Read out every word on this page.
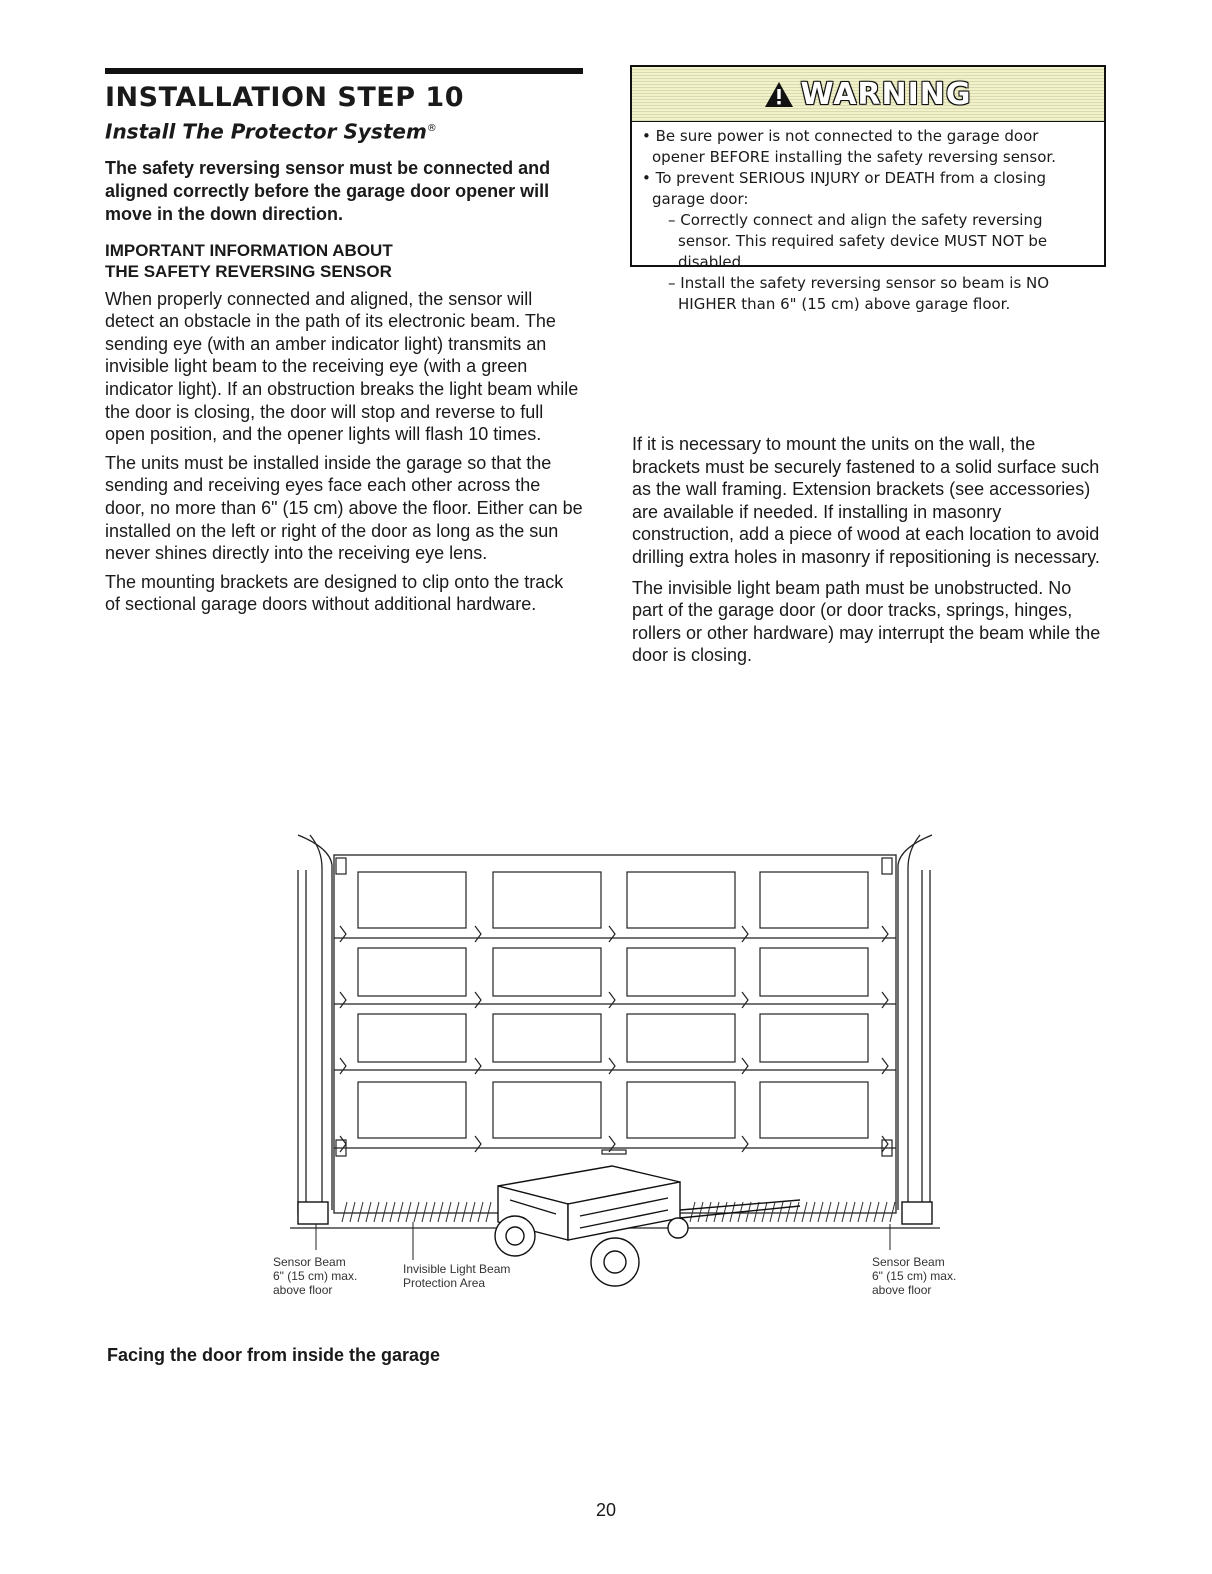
INSTALLATION STEP 10
Install The Protector System®
The safety reversing sensor must be connected and aligned correctly before the garage door opener will move in the down direction.
IMPORTANT INFORMATION ABOUT
THE SAFETY REVERSING SENSOR

When properly connected and aligned, the sensor will detect an obstacle in the path of its electronic beam. The sending eye (with an amber indicator light) transmits an invisible light beam to the receiving eye (with a green indicator light). If an obstruction breaks the light beam while the door is closing, the door will stop and reverse to full open position, and the opener lights will flash 10 times.

The units must be installed inside the garage so that the sending and receiving eyes face each other across the door, no more than 6" (15 cm) above the floor. Either can be installed on the left or right of the door as long as the sun never shines directly into the receiving eye lens.

The mounting brackets are designed to clip onto the track of sectional garage doors without additional hardware.

WARNING
• Be sure power is not connected to the garage door opener BEFORE installing the safety reversing sensor.
• To prevent SERIOUS INJURY or DEATH from a closing garage door:
– Correctly connect and align the safety reversing sensor. This required safety device MUST NOT be disabled.
– Install the safety reversing sensor so beam is NO HIGHER than 6" (15 cm) above garage floor.

If it is necessary to mount the units on the wall, the brackets must be securely fastened to a solid surface such as the wall framing. Extension brackets (see accessories) are available if needed. If installing in masonry construction, add a piece of wood at each location to avoid drilling extra holes in masonry if repositioning is necessary.

The invisible light beam path must be unobstructed. No part of the garage door (or door tracks, springs, hinges, rollers or other hardware) may interrupt the beam while the door is closing.

Sensor Beam
6" (15 cm) max.
above floor
Invisible Light Beam
Protection Area
Sensor Beam
6" (15 cm) max.
above floor
Facing the door from inside the garage
20
